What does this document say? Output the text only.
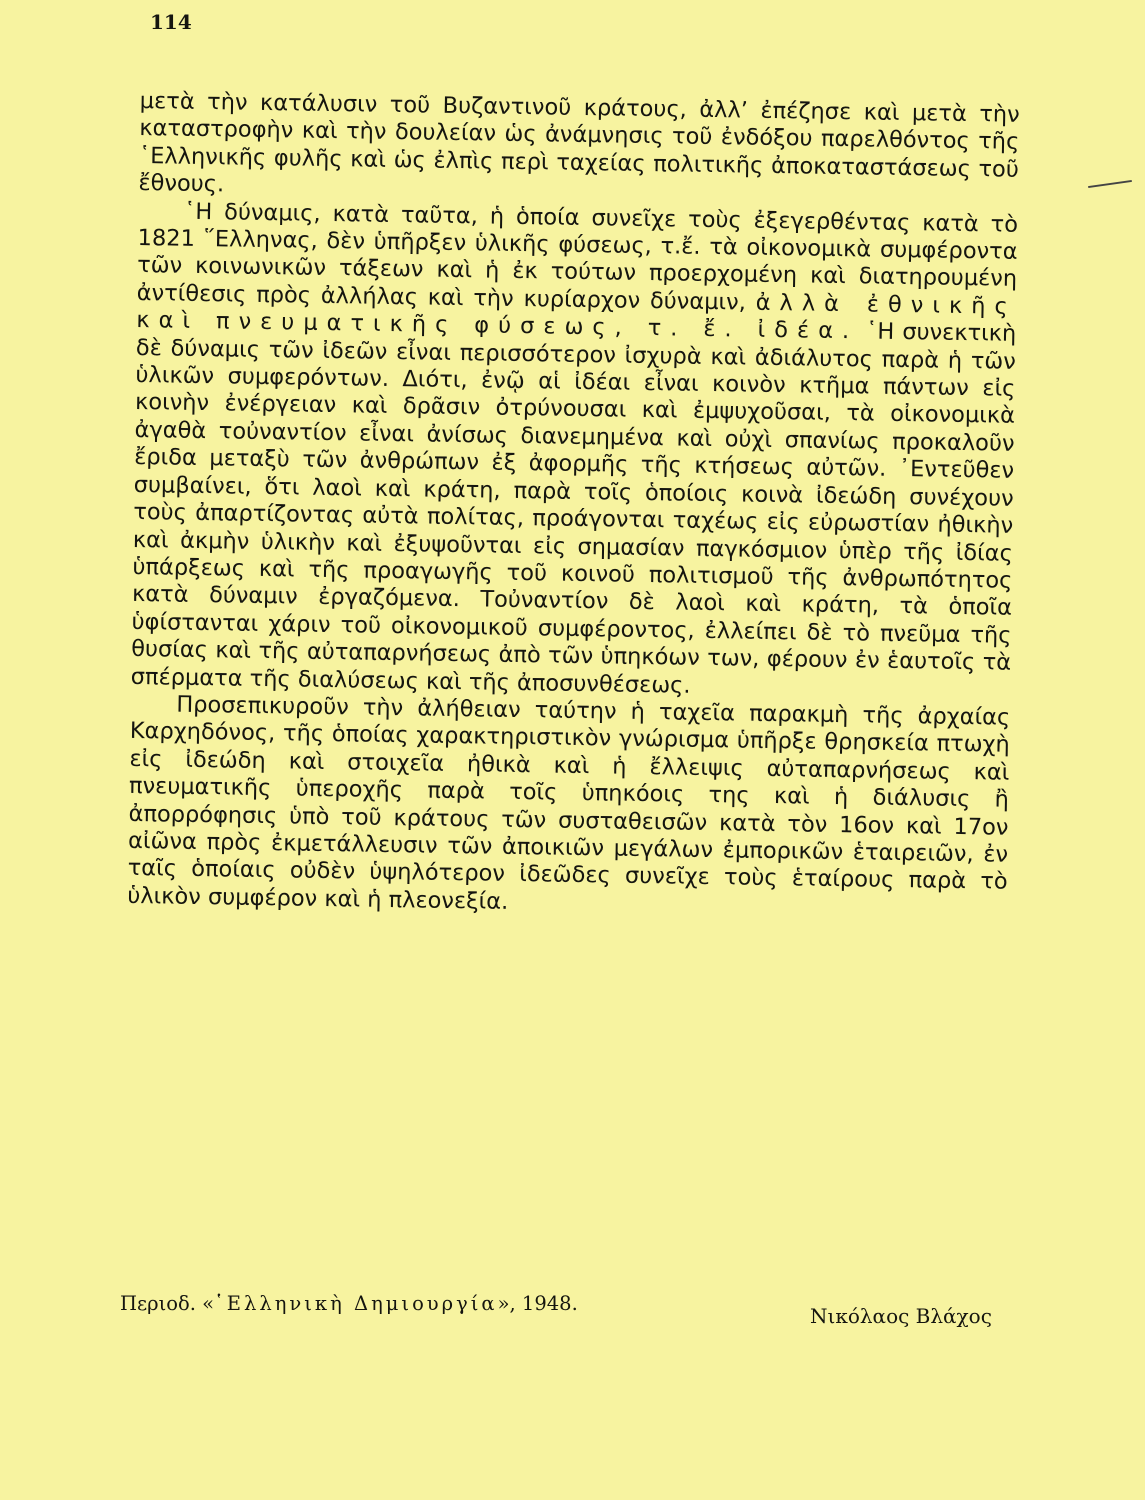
114

μετὰ τὴν κατάλυσιν τοῦ Βυζαντινοῦ κράτους, ἀλλ’ ἐπέζησε καὶ μετὰ τὴν καταστροφὴν καὶ τὴν δουλείαν ὡς ἀνάμνησις τοῦ ἐνδόξου παρελθόντος τῆς ῾Ελληνικῆς φυλῆς καὶ ὡς ἐλπὶς περὶ ταχείας πολιτικῆς ἀποκαταστάσεως τοῦ ἔθνους.

῾Η δύναμις, κατὰ ταῦτα, ἡ ὁποία συνεῖχε τοὺς ἐξεγερθέντας κατὰ τὸ 1821 ῞Ελληνας, δὲν ὑπῆρξεν ὑλικῆς φύσεως, τ.ἔ. τὰ οἰκονομικὰ συμφέροντα τῶν κοινωνικῶν τάξεων καὶ ἡ ἐκ τούτων προερχομένη καὶ διατηρουμένη ἀντίθεσις πρὸς ἀλλήλας καὶ τὴν κυρίαρχον δύναμιν, ἀλλὰ ἐθνικῆς καὶ πνευματικῆς φύσεως, τ. ἔ. ἰδέα. ῾Η συνεκτικὴ δὲ δύναμις τῶν ἰδεῶν εἶναι περισσότερον ἰσχυρὰ καὶ ἀδιάλυτος παρὰ ἡ τῶν ὑλικῶν συμφερόντων. Διότι, ἐνῷ αἱ ἰδέαι εἶναι κοινὸν κτῆμα πάντων εἰς κοινὴν ἐνέργειαν καὶ δρᾶσιν ὀτρύνουσαι καὶ ἐμψυχοῦσαι, τὰ οἰκονομικὰ ἀγαθὰ τοὐναντίον εἶναι ἀνίσως διανεμημένα καὶ οὐχὶ σπανίως προκαλοῦν ἔριδα μεταξὺ τῶν ἀνθρώπων ἐξ ἀφορμῆς τῆς κτήσεως αὐτῶν. ᾿Εντεῦθεν συμβαίνει, ὅτι λαοὶ καὶ κράτη, παρὰ τοῖς ὁποίοις κοινὰ ἰδεώδη συνέχουν τοὺς ἀπαρτίζοντας αὐτὰ πολίτας, προάγονται ταχέως εἰς εὐρωστίαν ἠθικὴν καὶ ἀκμὴν ὑλικὴν καὶ ἐξυψοῦνται εἰς σημασίαν παγκόσμιον ὑπὲρ τῆς ἰδίας ὑπάρξεως καὶ τῆς προαγωγῆς τοῦ κοινοῦ πολιτισμοῦ τῆς ἀνθρωπότητος κατὰ δύναμιν ἐργαζόμενα. Τοὐναντίον δὲ λαοὶ καὶ κράτη, τὰ ὁποῖα ὑφίστανται χάριν τοῦ οἰκονομικοῦ συμφέροντος, ἐλλείπει δὲ τὸ πνεῦμα τῆς θυσίας καὶ τῆς αὐταπαρνήσεως ἀπὸ τῶν ὑπηκόων των, φέρουν ἐν ἑαυτοῖς τὰ σπέρματα τῆς διαλύσεως καὶ τῆς ἀποσυνθέσεως.

Προσεπικυροῦν τὴν ἀλήθειαν ταύτην ἡ ταχεῖα παρακμὴ τῆς ἀρχαίας Καρχηδόνος, τῆς ὁποίας χαρακτηριστικὸν γνώρισμα ὑπῆρξε θρησκεία πτωχὴ εἰς ἰδεώδη καὶ στοιχεῖα ἠθικὰ καὶ ἡ ἔλλειψις αὐταπαρνήσεως καὶ πνευματικῆς ὑπεροχῆς παρὰ τοῖς ὑπηκόοις της καὶ ἡ διάλυσις ἢ ἀπορρόφησις ὑπὸ τοῦ κράτους τῶν συσταθεισῶν κατὰ τὸν 16ον καὶ 17ον αἰῶνα πρὸς ἐκμετάλλευσιν τῶν ἀποικιῶν μεγάλων ἐμπορικῶν ἑταιρειῶν, ἐν ταῖς ὁποίαις οὐδὲν ὑψηλότερον ἰδεῶδες συνεῖχε τοὺς ἑταίρους παρὰ τὸ ὑλικὸν συμφέρον καὶ ἡ πλεονεξία.

Περιοδ. «῾Ελληνικὴ Δημιουργία», 1948.
Νικόλαος Βλάχος
